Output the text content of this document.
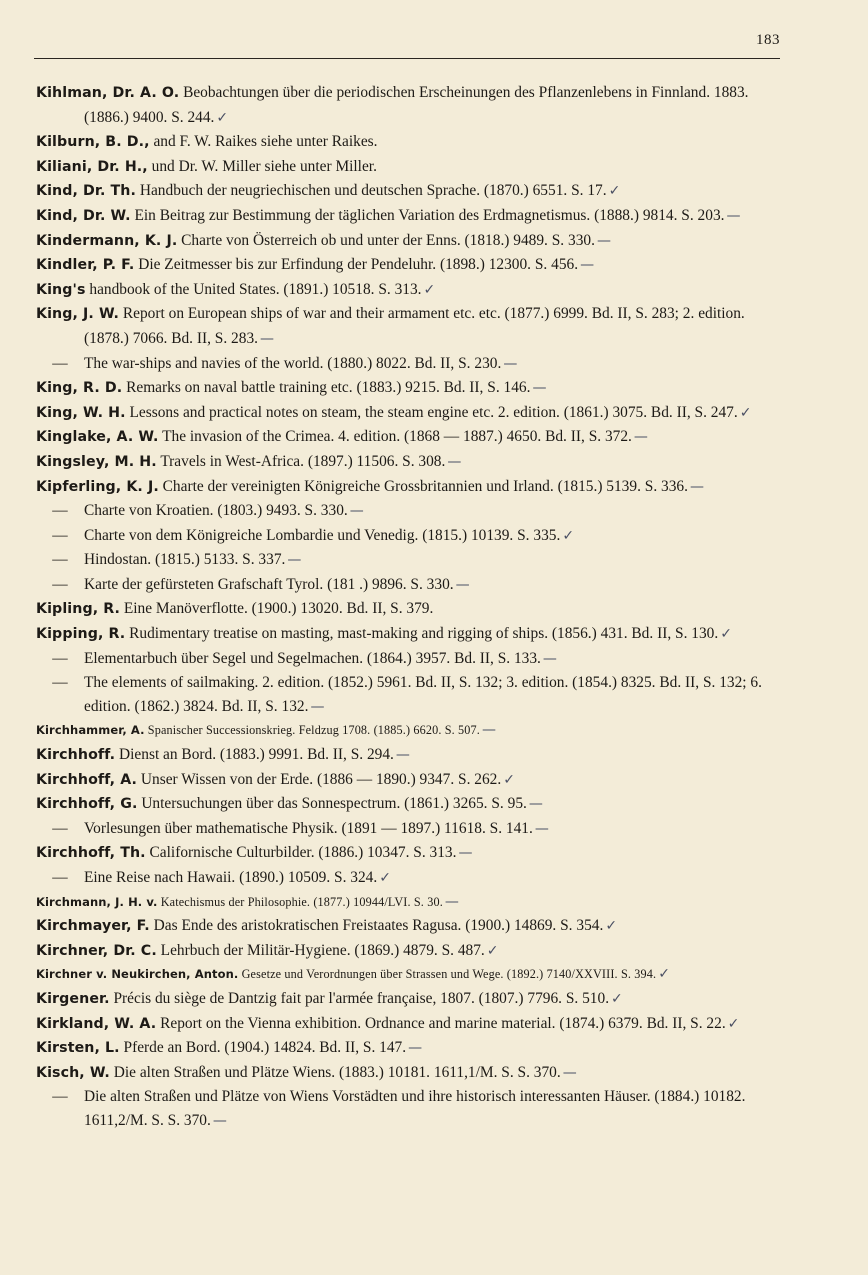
183

Kihlman, Dr. A. O. Beobachtungen über die periodischen Erscheinungen des Pflanzenlebens in Finnland. 1883. (1886.) 9400. S. 244. ✓

Kilburn, B. D., and F. W. Raikes siehe unter Raikes.

Kiliani, Dr. H., und Dr. W. Miller siehe unter Miller.

Kind, Dr. Th. Handbuch der neugriechischen und deutschen Sprache. (1870.) 6551. S. 17. ✓

Kind, Dr. W. Ein Beitrag zur Bestimmung der täglichen Variation des Erdmagnetismus. (1888.) 9814. S. 203. —

Kindermann, K. J. Charte von Österreich ob und unter der Enns. (1818.) 9489. S. 330. —

Kindler, P. F. Die Zeitmesser bis zur Erfindung der Pendeluhr. (1898.) 12300. S. 456. —

King's handbook of the United States. (1891.) 10518. S. 313. ✓

King, J. W. Report on European ships of war and their armament etc. etc. (1877.) 6999. Bd. II, S. 283; 2. edition. (1878.) 7066. Bd. II, S. 283. —

— The war-ships and navies of the world. (1880.) 8022. Bd. II, S. 230. —

King, R. D. Remarks on naval battle training etc. (1883.) 9215. Bd. II, S. 146. —

King, W. H. Lessons and practical notes on steam, the steam engine etc. 2. edition. (1861.) 3075. Bd. II, S. 247. ✓

Kinglake, A. W. The invasion of the Crimea. 4. edition. (1868 — 1887.) 4650. Bd. II, S. 372. —

Kingsley, M. H. Travels in West-Africa. (1897.) 11506. S. 308. —

Kipferling, K. J. Charte der vereinigten Königreiche Grossbritannien und Irland. (1815.) 5139. S. 336. —

— Charte von Kroatien. (1803.) 9493. S. 330. —

— Charte von dem Königreiche Lombardie und Venedig. (1815.) 10139. S. 335. ✓

— Hindostan. (1815.) 5133. S. 337. —

— Karte der gefürsteten Grafschaft Tyrol. (181 .) 9896. S. 330. —

Kipling, R. Eine Manöverflotte. (1900.) 13020. Bd. II, S. 379.

Kipping, R. Rudimentary treatise on masting, mast-making and rigging of ships. (1856.) 431. Bd. II, S. 130. ✓

— Elementarbuch über Segel und Segelmachen. (1864.) 3957. Bd. II, S. 133. —

— The elements of sailmaking. 2. edition. (1852.) 5961. Bd. II, S. 132; 3. edition. (1854.) 8325. Bd. II, S. 132; 6. edition. (1862.) 3824. Bd. II, S. 132. —

Kirchhammer, A. Spanischer Successionskrieg. Feldzug 1708. (1885.) 6620. S. 507. —

Kirchhoff. Dienst an Bord. (1883.) 9991. Bd. II, S. 294. —

Kirchhoff, A. Unser Wissen von der Erde. (1886 — 1890.) 9347. S. 262. ✓

Kirchhoff, G. Untersuchungen über das Sonnespectrum. (1861.) 3265. S. 95. —

— Vorlesungen über mathematische Physik. (1891 — 1897.) 11618. S. 141. —

Kirchhoff, Th. Californische Culturbilder. (1886.) 10347. S. 313. —

— Eine Reise nach Hawaii. (1890.) 10509. S. 324. ✓

Kirchmann, J. H. v. Katechismus der Philosophie. (1877.) 10944/LVI. S. 30. —

Kirchmayer, F. Das Ende des aristokratischen Freistaates Ragusa. (1900.) 14869. S. 354. ✓

Kirchner, Dr. C. Lehrbuch der Militär-Hygiene. (1869.) 4879. S. 487. ✓

Kirchner v. Neukirchen, Anton. Gesetze und Verordnungen über Strassen und Wege. (1892.) 7140/XXVIII. S. 394. ✓

Kirgener. Précis du siège de Dantzig fait par l'armée française, 1807. (1807.) 7796. S. 510. ✓

Kirkland, W. A. Report on the Vienna exhibition. Ordnance and marine material. (1874.) 6379. Bd. II, S. 22. ✓

Kirsten, L. Pferde an Bord. (1904.) 14824. Bd. II, S. 147. —

Kisch, W. Die alten Straßen und Plätze Wiens. (1883.) 10181. 1611,1/M. S. S. 370. —

— Die alten Straßen und Plätze von Wiens Vorstädten und ihre historisch interessanten Häuser. (1884.) 10182. 1611,2/M. S. S. 370. —
